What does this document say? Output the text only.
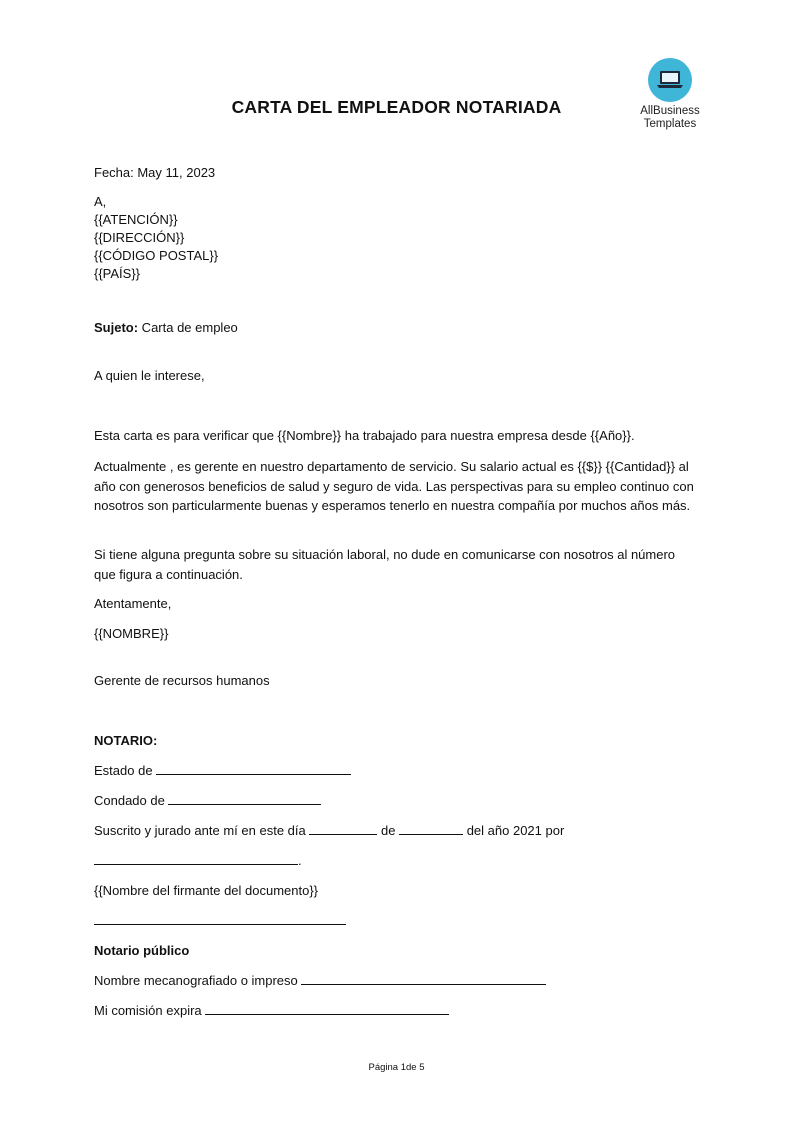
CARTA DEL EMPLEADOR NOTARIADA	AllBusiness
Templates
Fecha: May 11, 2023
A,
{{ATENCIÓN}}
{{DIRECCIÓN}}
{{CÓDIGO POSTAL}}
{{PAÍS}}
Sujeto: Carta de empleo
A quien le interese,
Esta carta es para verificar que {{Nombre}} ha trabajado para nuestra empresa desde {{Año}}.
Actualmente , es gerente en nuestro departamento de servicio. Su salario actual es {{$}} {{Cantidad}} al año con generosos beneficios de salud y seguro de vida. Las perspectivas para su empleo continuo con nosotros son particularmente buenas y esperamos tenerlo en nuestra compañía por muchos años más.
Si tiene alguna pregunta sobre su situación laboral, no dude en comunicarse con nosotros al número que figura a continuación.
Atentamente,
{{NOMBRE}}
Gerente de recursos humanos
NOTARIO:
Estado de
Condado de
Suscrito y jurado ante mí en este día	de	del año 2021 por
.
{{Nombre del firmante del documento}}
Notario público
Nombre mecanografiado o impreso
Mi comisión expira
Página 1de 5
